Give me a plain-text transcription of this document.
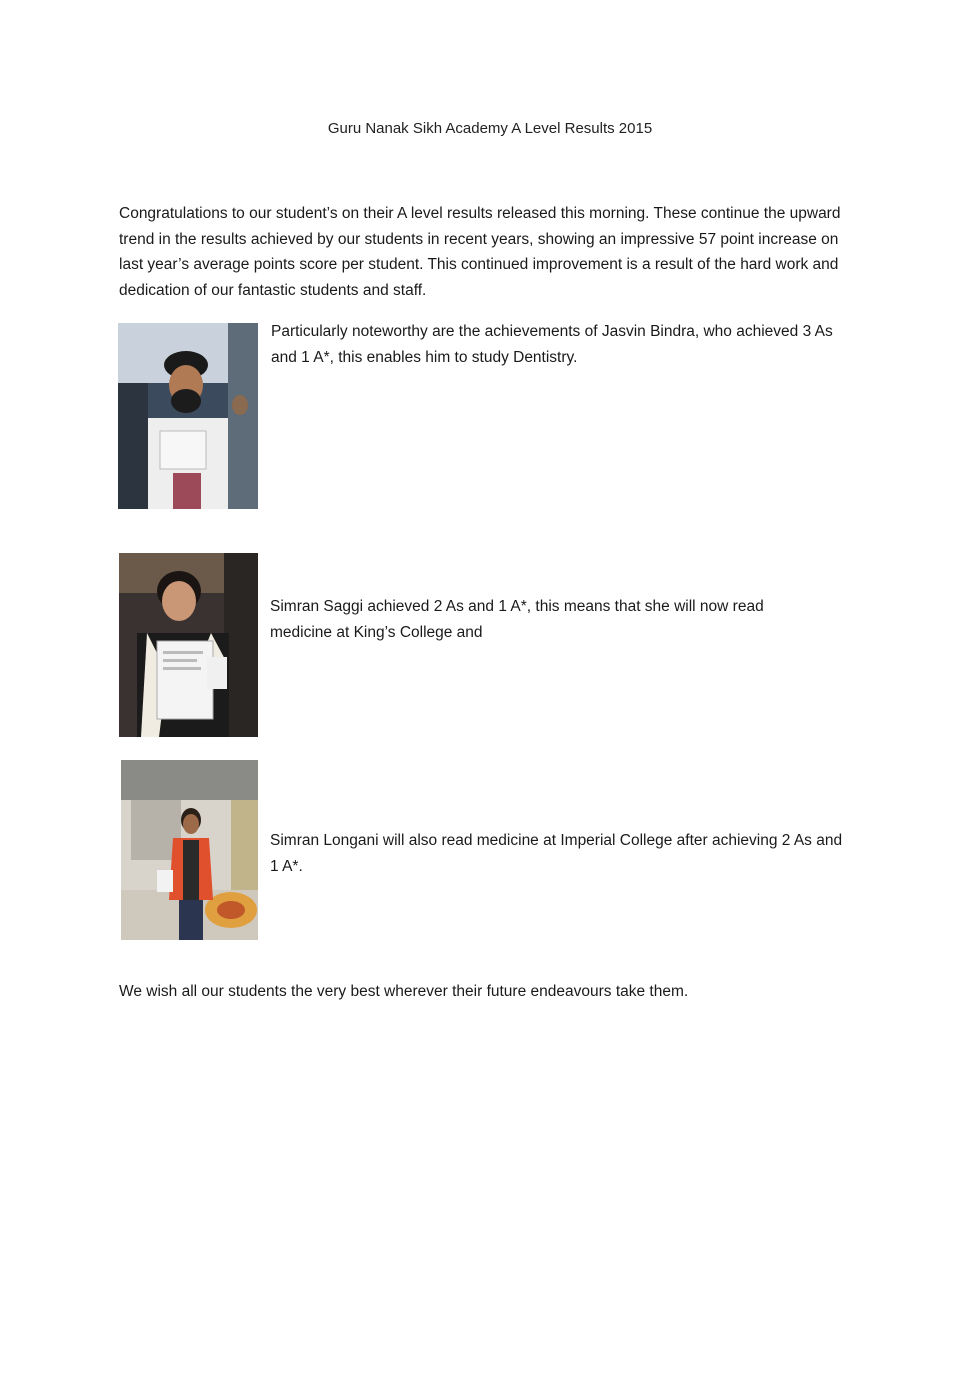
Guru Nanak Sikh Academy A Level Results 2015

Congratulations to our student’s on their A level results released this morning. These continue the upward trend in the results achieved by our students in recent years, showing an impressive 57 point increase on last year’s average points score per student. This continued improvement is a result of the hard work and dedication of our fantastic students and staff.

Particularly noteworthy are the achievements of Jasvin Bindra, who achieved 3 As and 1 A*, this enables him to study Dentistry.

Simran Saggi achieved 2 As and 1 A*, this means that she will now read medicine at King’s College and

Simran Longani will also read medicine at Imperial College after achieving 2 As and 1 A*.

We wish all our students the very best wherever their future endeavours take them.
